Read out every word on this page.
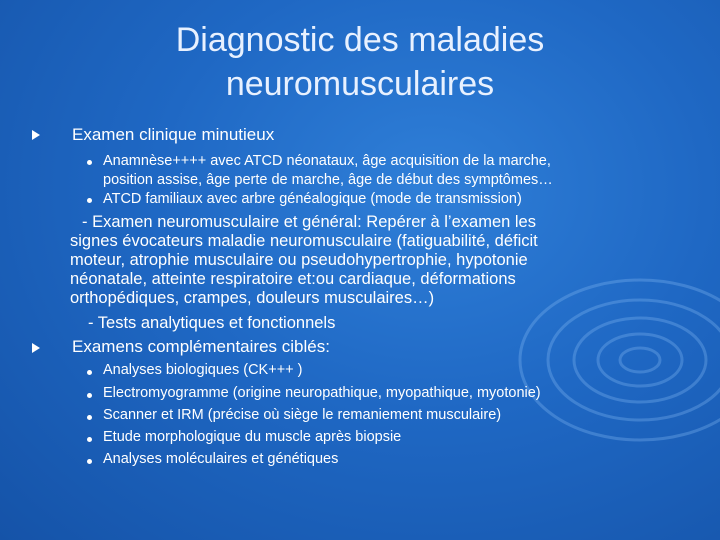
Diagnostic des maladies
neuromusculaires
Examen clinique minutieux
Anamnèse++++ avec ATCD néonataux, âge acquisition de la marche,
position assise, âge perte de marche, âge de début des symptômes…
ATCD familiaux avec arbre généalogique (mode de transmission)
- Examen neuromusculaire et général: Repérer à l’examen les
signes évocateurs maladie neuromusculaire (fatiguabilité, déficit
moteur, atrophie musculaire ou pseudohypertrophie, hypotonie
néonatale, atteinte respiratoire et:ou cardiaque, déformations
orthopédiques, crampes, douleurs musculaires…)
- Tests analytiques et fonctionnels
Examens complémentaires ciblés:
Analyses biologiques (CK+++ )
Electromyogramme (origine neuropathique, myopathique, myotonie)
Scanner et IRM (précise où siège le remaniement musculaire)
Etude morphologique du muscle après biopsie
Analyses moléculaires et génétiques
